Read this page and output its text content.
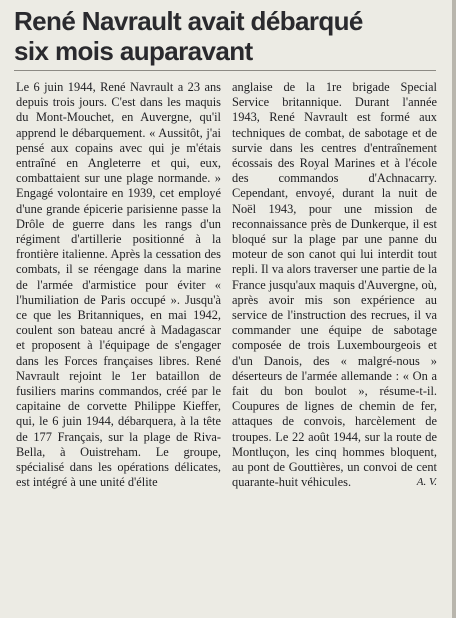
René Navrault avait débarqué
six mois auparavant

Le 6 juin 1944, René Navrault a 23 ans depuis trois jours. C'est dans les maquis du Mont-Mouchet, en Auvergne, qu'il apprend le débarquement. « Aussitôt, j'ai pensé aux copains avec qui je m'étais entraîné en Angleterre et qui, eux, combattaient sur une plage normande. » Engagé volontaire en 1939, cet employé d'une grande épicerie parisienne passe la Drôle de guerre dans les rangs d'un régiment d'artillerie positionné à la frontière italienne. Après la cessation des combats, il se réengage dans la marine de l'armée d'armistice pour éviter « l'humiliation de Paris occupé ». Jusqu'à ce que les Britanniques, en mai 1942, coulent son bateau ancré à Madagascar et proposent à l'équipage de s'engager dans les Forces françaises libres. René Navrault rejoint le 1er bataillon de fusiliers marins commandos, créé par le capitaine de corvette Philippe Kieffer, qui, le 6 juin 1944, débarquera, à la tête de 177 Français, sur la plage de Riva-Bella, à Ouistreham. Le groupe, spécialisé dans les opérations délicates, est intégré à une unité d'élite

anglaise de la 1re brigade Special Service britannique. Durant l'année 1943, René Navrault est formé aux techniques de combat, de sabotage et de survie dans les centres d'entraînement écossais des Royal Marines et à l'école des commandos d'Achnacarry. Cependant, envoyé, durant la nuit de Noël 1943, pour une mission de reconnaissance près de Dunkerque, il est bloqué sur la plage par une panne du moteur de son canot qui lui interdit tout repli. Il va alors traverser une partie de la France jusqu'aux maquis d'Auvergne, où, après avoir mis son expérience au service de l'instruction des recrues, il va commander une équipe de sabotage composée de trois Luxembourgeois et d'un Danois, des « malgré-nous » déserteurs de l'armée allemande : « On a fait du bon boulot », résume-t-il. Coupures de lignes de chemin de fer, attaques de convois, harcèlement de troupes. Le 22 août 1944, sur la route de Montluçon, les cinq hommes bloquent, au pont de Gouttières, un convoi de cent quarante-huit véhicules.	A. V.
